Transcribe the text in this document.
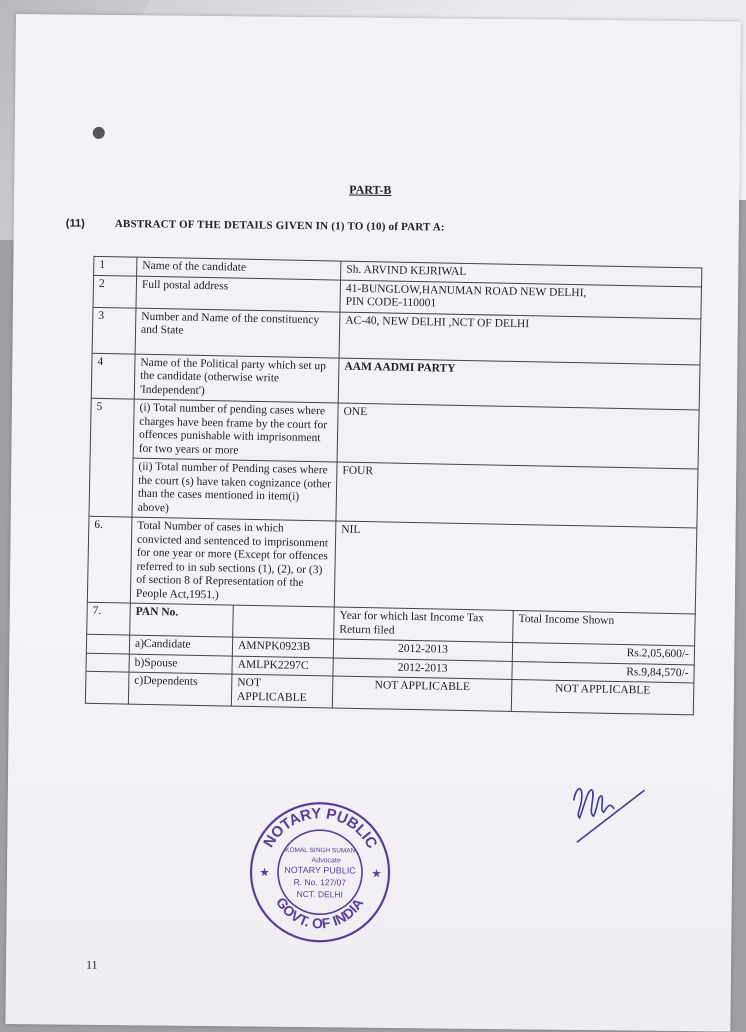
PART-B
(11)	ABSTRACT OF THE DETAILS GIVEN IN (1) TO (10) of PART A:
1	Name of the candidate		Sh. ARVIND KEJRIWAL	
2	Full postal address		41-BUNGLOW,HANUMAN ROAD NEW DELHI,
PIN CODE-110001	

3	Number and Name of the constituency and State		AC-40, NEW DELHI ,NCT OF DELHI	
4	Name of the Political party which set up the candidate (otherwise write 'Independent')		AAM AADMI PARTY	
5	(i) Total number of pending cases where charges have been frame by the court for offences punishable with imprisonment for two years or more		ONE	
	(ii) Total number of Pending cases where the court (s) have taken cognizance (other than the cases mentioned in item(i) above)		FOUR	
6.	Total Number of cases in which convicted and sentenced to imprisonment for one year or more (Except for offences referred to in sub sections (1), (2), or (3) of section 8 of Representation of the People Act,1951.)		NIL	
7.	PAN No.		Year for which last Income Tax Return filed	Total Income Shown
	a)Candidate	AMNPK0923B	2012-2013	Rs.2,05,600/-
	b)Spouse	AMLPK2297C	2012-2013	Rs.9,84,570/-
	c)Dependents	NOT APPLICABLE	NOT APPLICABLE	NOT APPLICABLE
NOTARY PUBLIC
GOVT. OF INDIA
★	★
KOMAL SINGH SUMAN
Advocate
NOTARY PUBLIC
R. No. 127/07
NCT. DELHI
11
